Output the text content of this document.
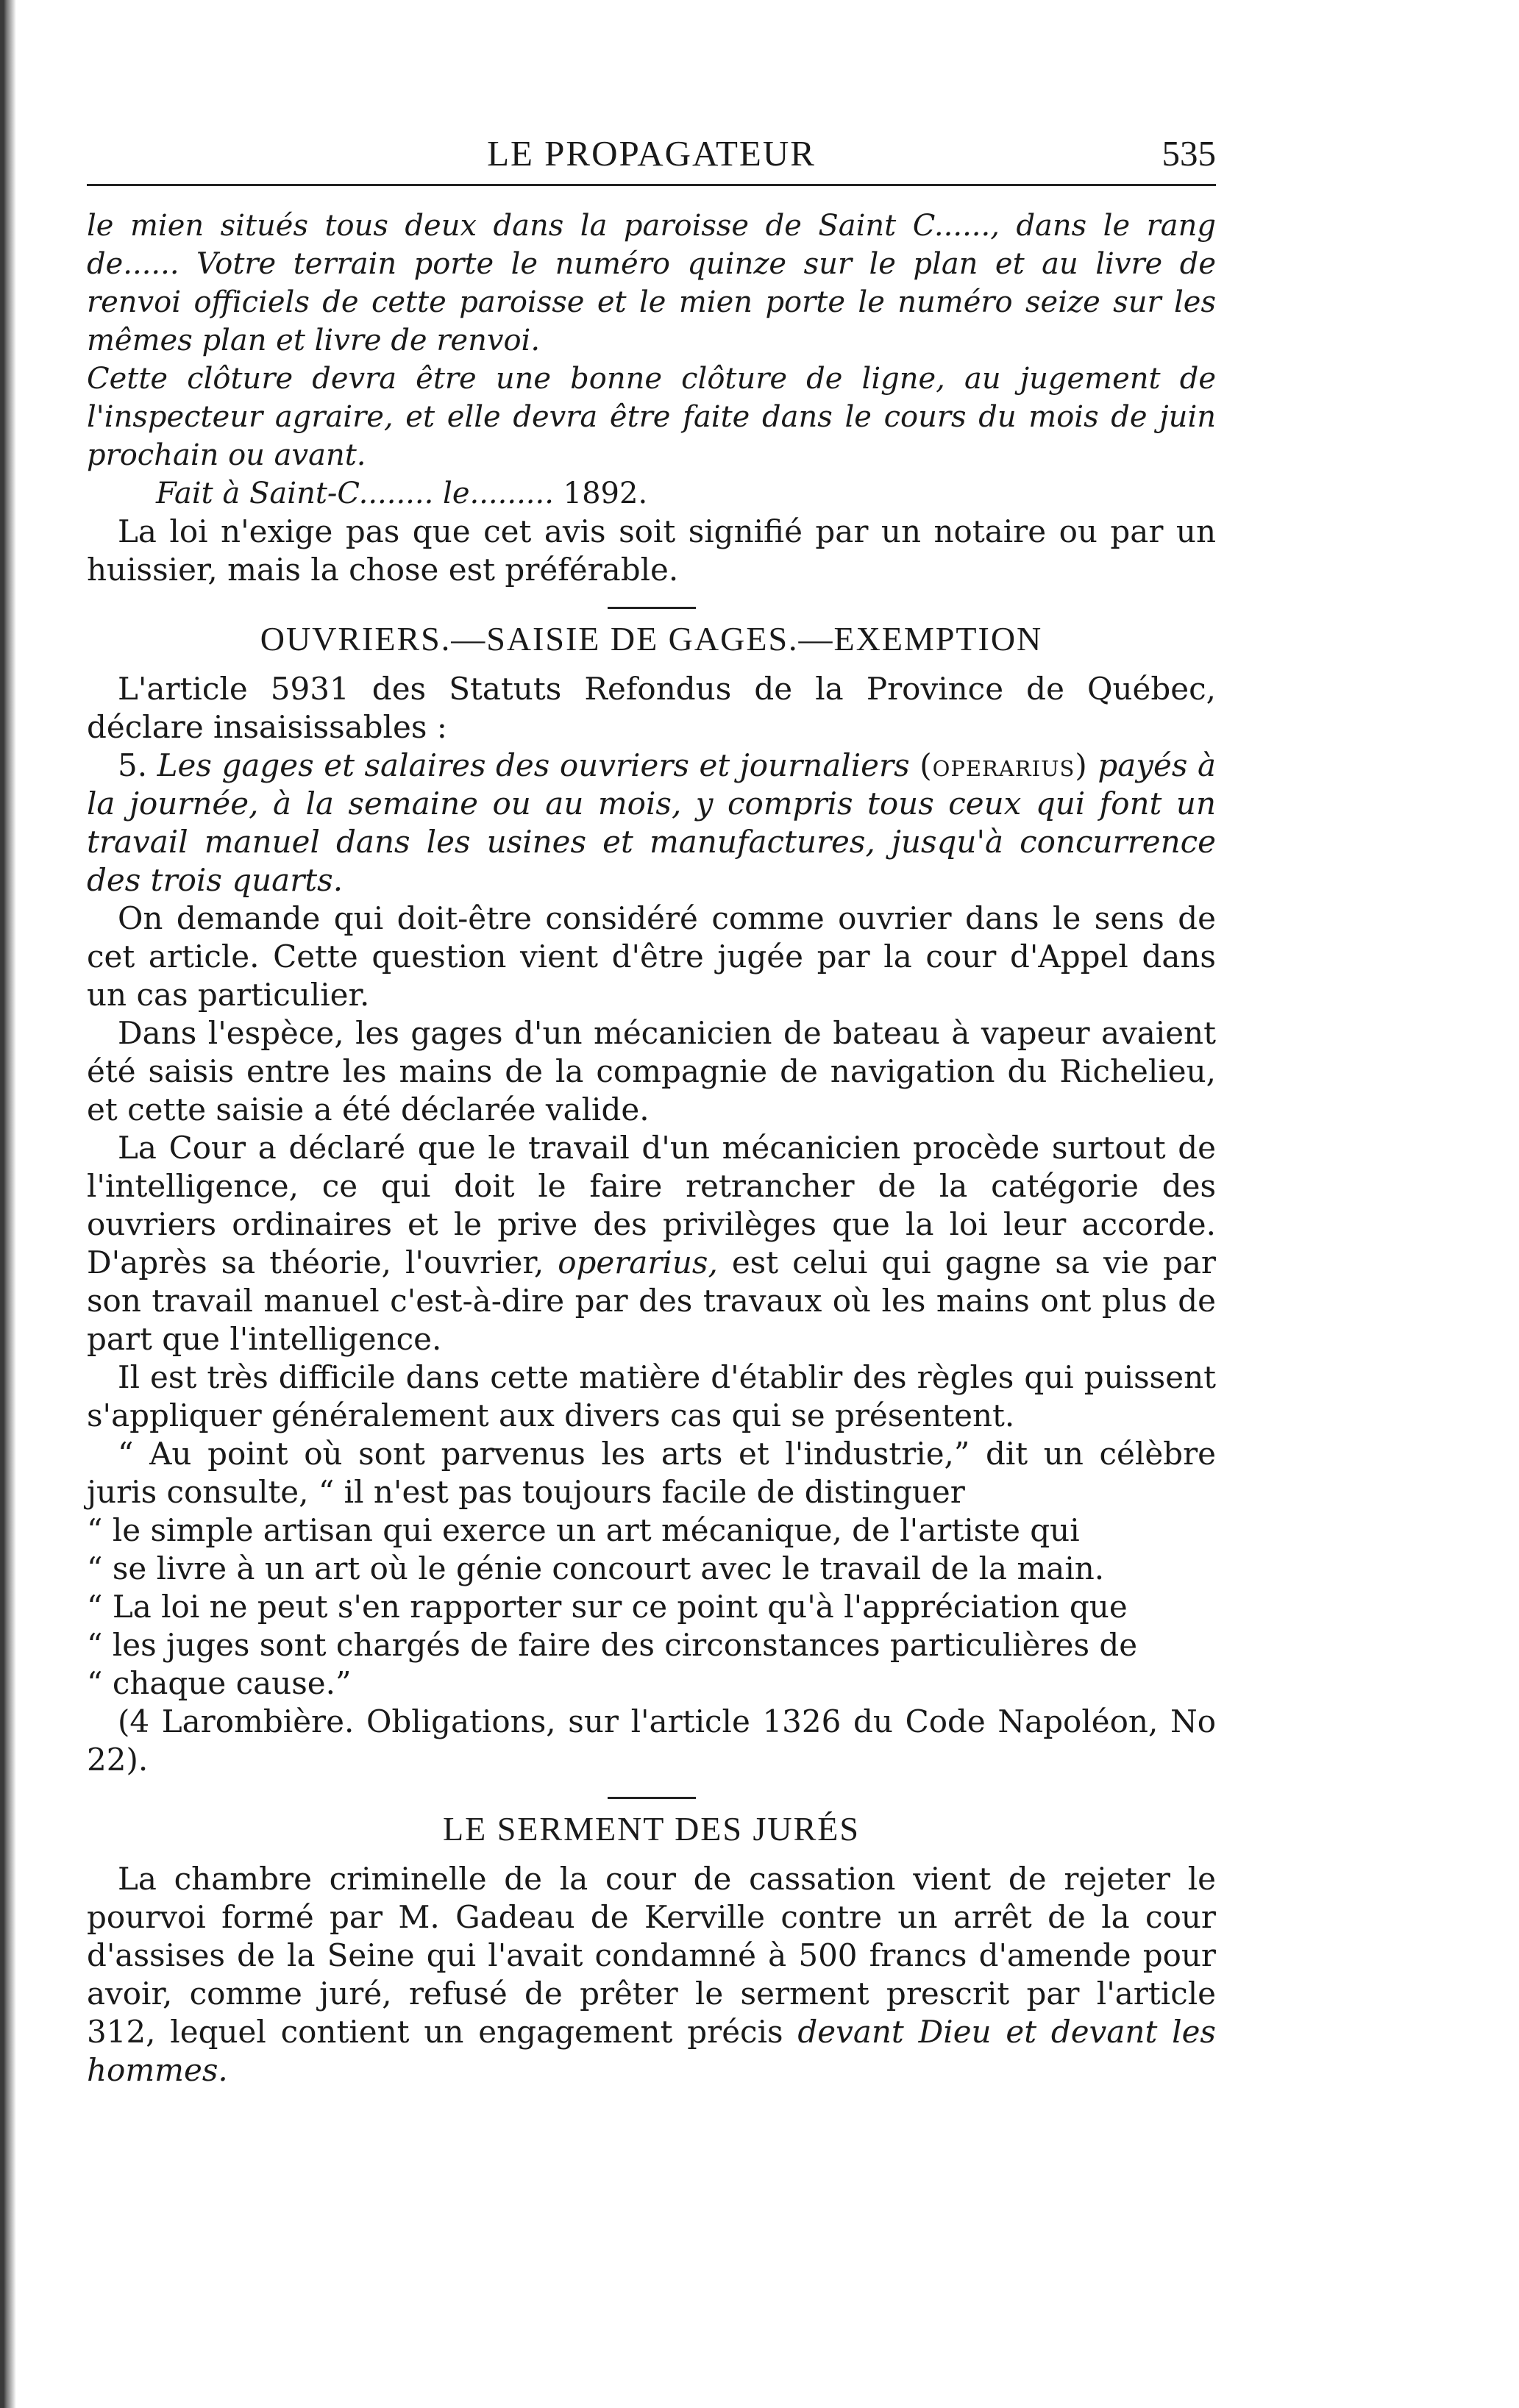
LE PROPAGATEUR	535

le mien situés tous deux dans la paroisse de Saint C......, dans le rang de...... Votre terrain porte le numéro quinze sur le plan et au livre de renvoi officiels de cette paroisse et le mien porte le numéro seize sur les mêmes plan et livre de renvoi.

Cette clôture devra être une bonne clôture de ligne, au jugement de l'inspecteur agraire, et elle devra être faite dans le cours du mois de juin prochain ou avant.

Fait à Saint-C........ le......... 1892.

La loi n'exige pas que cet avis soit signifié par un notaire ou par un huissier, mais la chose est préférable.

OUVRIERS.—SAISIE DE GAGES.—EXEMPTION

L'article 5931 des Statuts Refondus de la Province de Québec, déclare insaisissables :

5. Les gages et salaires des ouvriers et journaliers (operarius) payés à la journée, à la semaine ou au mois, y compris tous ceux qui font un travail manuel dans les usines et manufactures, jusqu'à concurrence des trois quarts.

On demande qui doit-être considéré comme ouvrier dans le sens de cet article. Cette question vient d'être jugée par la cour d'Appel dans un cas particulier.

Dans l'espèce, les gages d'un mécanicien de bateau à vapeur avaient été saisis entre les mains de la compagnie de navigation du Richelieu, et cette saisie a été déclarée valide.

La Cour a déclaré que le travail d'un mécanicien procède surtout de l'intelligence, ce qui doit le faire retrancher de la catégorie des ouvriers ordinaires et le prive des privilèges que la loi leur accorde. D'après sa théorie, l'ouvrier, operarius, est celui qui gagne sa vie par son travail manuel c'est-à-dire par des travaux où les mains ont plus de part que l'intelligence.

Il est très difficile dans cette matière d'établir des règles qui puissent s'appliquer généralement aux divers cas qui se présentent.

“ Au point où sont parvenus les arts et l'industrie,” dit un célèbre juris consulte, “ il n'est pas toujours facile de distinguer

“ le simple artisan qui exerce un art mécanique, de l'artiste qui

“ se livre à un art où le génie concourt avec le travail de la main.

“ La loi ne peut s'en rapporter sur ce point qu'à l'appréciation que

“ les juges sont chargés de faire des circonstances particulières de

“ chaque cause.”

(4 Larombière. Obligations, sur l'article 1326 du Code Napoléon, No 22).

LE SERMENT DES JURÉS

La chambre criminelle de la cour de cassation vient de rejeter le pourvoi formé par M. Gadeau de Kerville contre un arrêt de la cour d'assises de la Seine qui l'avait condamné à 500 francs d'amende pour avoir, comme juré, refusé de prêter le serment prescrit par l'article 312, lequel contient un engagement précis devant Dieu et devant les hommes.
